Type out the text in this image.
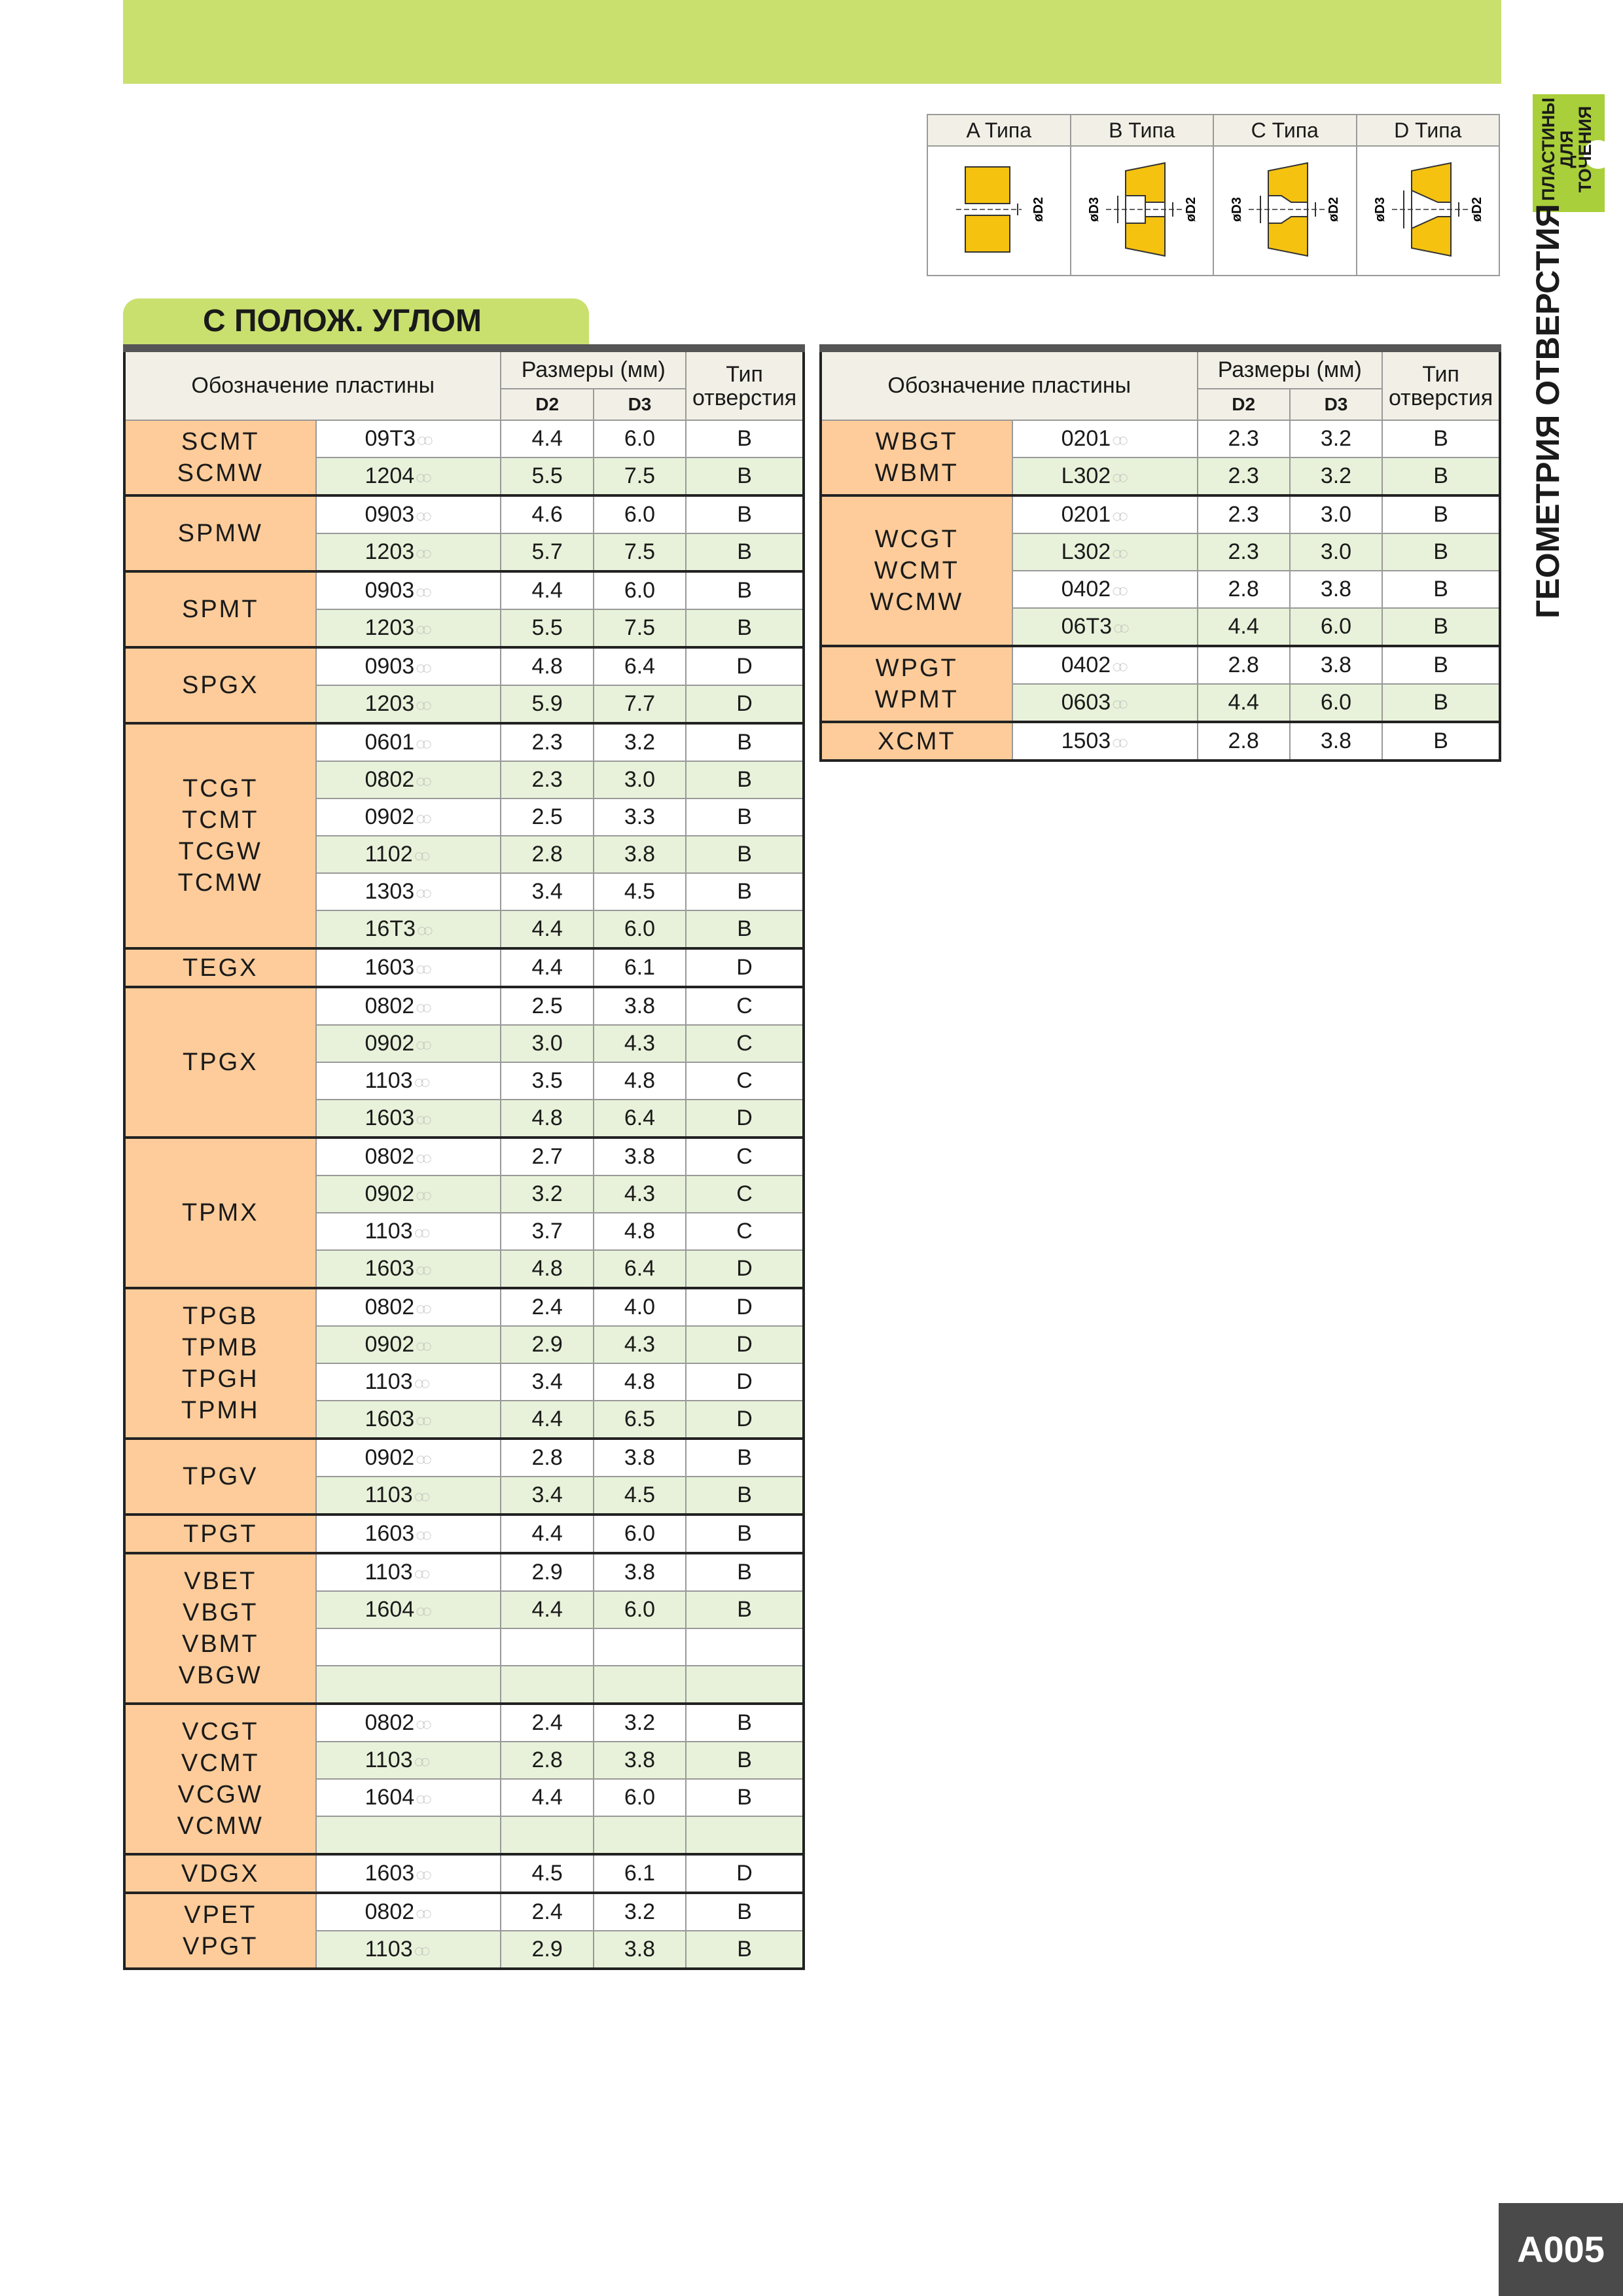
ПЛАСТИНЫ
ДЛЯ ТОЧЕНИЯ
ГЕОМЕТРИЯ ОТВЕРСТИЯ
A Типа	B Типа	C Типа	D Типа

øD2	øD3 øD2	øD3 øD2	øD3 øD2
С ПОЛОЖ. УГЛОМ
Обозначение пластины		Размеры (мм)		Тип
отверстия
		D2	D3	

SCMT
SCMW	09T3◌◌	4.4	6.0	B
	1204◌◌	5.5	7.5	B

SPMW	0903◌◌	4.6	6.0	B
	1203◌◌	5.7	7.5	B

SPMT	0903◌◌	4.4	6.0	B
	1203◌◌	5.5	7.5	B

SPGX	0903◌◌	4.8	6.4	D
	1203◌◌	5.9	7.7	D

TCGT
TCMT
TCGW
TCMW	0601◌◌	2.3	3.2	B
	0802◌◌	2.3	3.0	B
	0902◌◌	2.5	3.3	B
	1102◌◌	2.8	3.8	B
	1303◌◌	3.4	4.5	B
	16T3◌◌	4.4	6.0	B

TEGX	1603◌◌	4.4	6.1	D

TPGX	0802◌◌	2.5	3.8	C
	0902◌◌	3.0	4.3	C
	1103◌◌	3.5	4.8	C
	1603◌◌	4.8	6.4	D

TPMX	0802◌◌	2.7	3.8	C
	0902◌◌	3.2	4.3	C
	1103◌◌	3.7	4.8	C
	1603◌◌	4.8	6.4	D

TPGB
TPMB
TPGH
TPMH	0802◌◌	2.4	4.0	D
	0902◌◌	2.9	4.3	D
	1103◌◌	3.4	4.8	D
	1603◌◌	4.4	6.5	D

TPGV	0902◌◌	2.8	3.8	B
	1103◌◌	3.4	4.5	B

TPGT	1603◌◌	4.4	6.0	B

VBET
VBGT
VBMT
VBGW	1103◌◌	2.9	3.8	B
	1604◌◌	4.4	6.0	B

VCGT
VCMT
VCGW
VCMW	0802◌◌	2.4	3.2	B
	1103◌◌	2.8	3.8	B
	1604◌◌	4.4	6.0	B

VDGX	1603◌◌	4.5	6.1	D

VPET
VPGT	0802◌◌	2.4	3.2	B
	1103◌◌	2.9	3.8	B
Обозначение пластины		Размеры (мм)		Тип
отверстия
		D2	D3	

WBGT
WBMT	0201◌◌	2.3	3.2	B
	L302◌◌	2.3	3.2	B

WCGT
WCMT
WCMW	0201◌◌	2.3	3.0	B
	L302◌◌	2.3	3.0	B
	0402◌◌	2.8	3.8	B
	06T3◌◌	4.4	6.0	B

WPGT
WPMT	0402◌◌	2.8	3.8	B
	0603◌◌	4.4	6.0	B

XCMT	1503◌◌	2.8	3.8	B
A005
